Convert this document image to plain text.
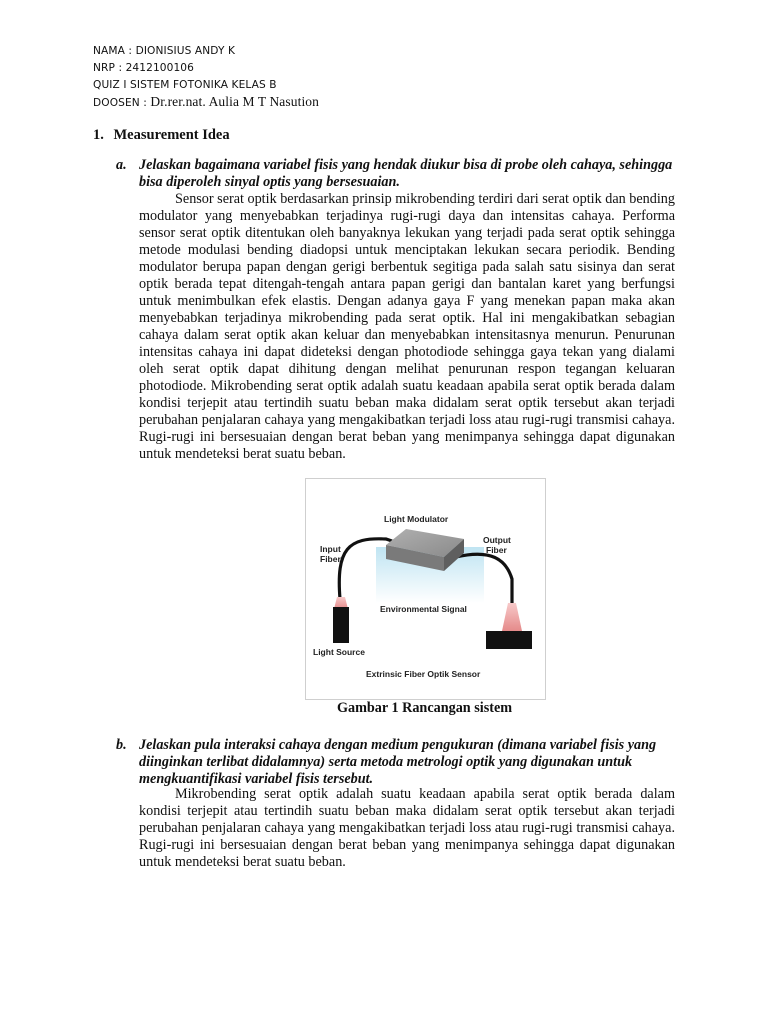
NAMA : DIONISIUS ANDY K
NRP : 2412100106
QUIZ I SISTEM FOTONIKA KELAS B
DOOSEN : Dr.rer.nat. Aulia M T Nasution
1. Measurement Idea
a. Jelaskan bagaimana variabel fisis yang hendak diukur bisa di probe oleh cahaya, sehingga bisa diperoleh sinyal optis yang bersesuaian.
Sensor serat optik berdasarkan prinsip mikrobending terdiri dari serat optik dan bending modulator yang menyebabkan terjadinya rugi-rugi daya dan intensitas cahaya. Performa sensor serat optik ditentukan oleh banyaknya lekukan yang terjadi pada serat optik sehingga metode modulasi bending diadopsi untuk menciptakan lekukan secara periodik. Bending modulator berupa papan dengan gerigi berbentuk segitiga pada salah satu sisinya dan serat optik berada tepat ditengah-tengah antara papan gerigi dan bantalan karet yang berfungsi untuk menimbulkan efek elastis. Dengan adanya gaya F yang menekan papan maka akan menyebabkan terjadinya mikrobending pada serat optik. Hal ini mengakibatkan sebagian cahaya dalam serat optik akan keluar dan menyebabkan intensitasnya menurun. Penurunan intensitas cahaya ini dapat dideteksi dengan photodiode sehingga gaya tekan yang dialami oleh serat optik dapat dihitung dengan melihat penurunan respon tegangan keluaran photodiode. Mikrobending serat optik adalah suatu keadaan apabila serat optik berada dalam kondisi terjepit atau tertindih suatu beban maka didalam serat optik tersebut akan terjadi perubahan penjalaran cahaya yang mengakibatkan terjadi loss atau rugi-rugi transmisi cahaya. Rugi-rugi ini bersesuaian dengan berat beban yang menimpanya sehingga dapat digunakan untuk mendeteksi berat suatu beban.
Light Modulator
Input
Fiber
Output
Fiber
Environmental Signal
Light Source
Extrinsic Fiber Optik Sensor
Gambar 1 Rancangan sistem
b. Jelaskan pula interaksi cahaya dengan medium pengukuran (dimana variabel fisis yang diinginkan terlibat didalamnya) serta metoda metrologi optik yang digunakan untuk mengkuantifikasi variabel fisis tersebut.
Mikrobending serat optik adalah suatu keadaan apabila serat optik berada dalam kondisi terjepit atau tertindih suatu beban maka didalam serat optik tersebut akan terjadi perubahan penjalaran cahaya yang mengakibatkan terjadi loss atau rugi-rugi transmisi cahaya. Rugi-rugi ini bersesuaian dengan berat beban yang menimpanya sehingga dapat digunakan untuk mendeteksi berat suatu beban.
